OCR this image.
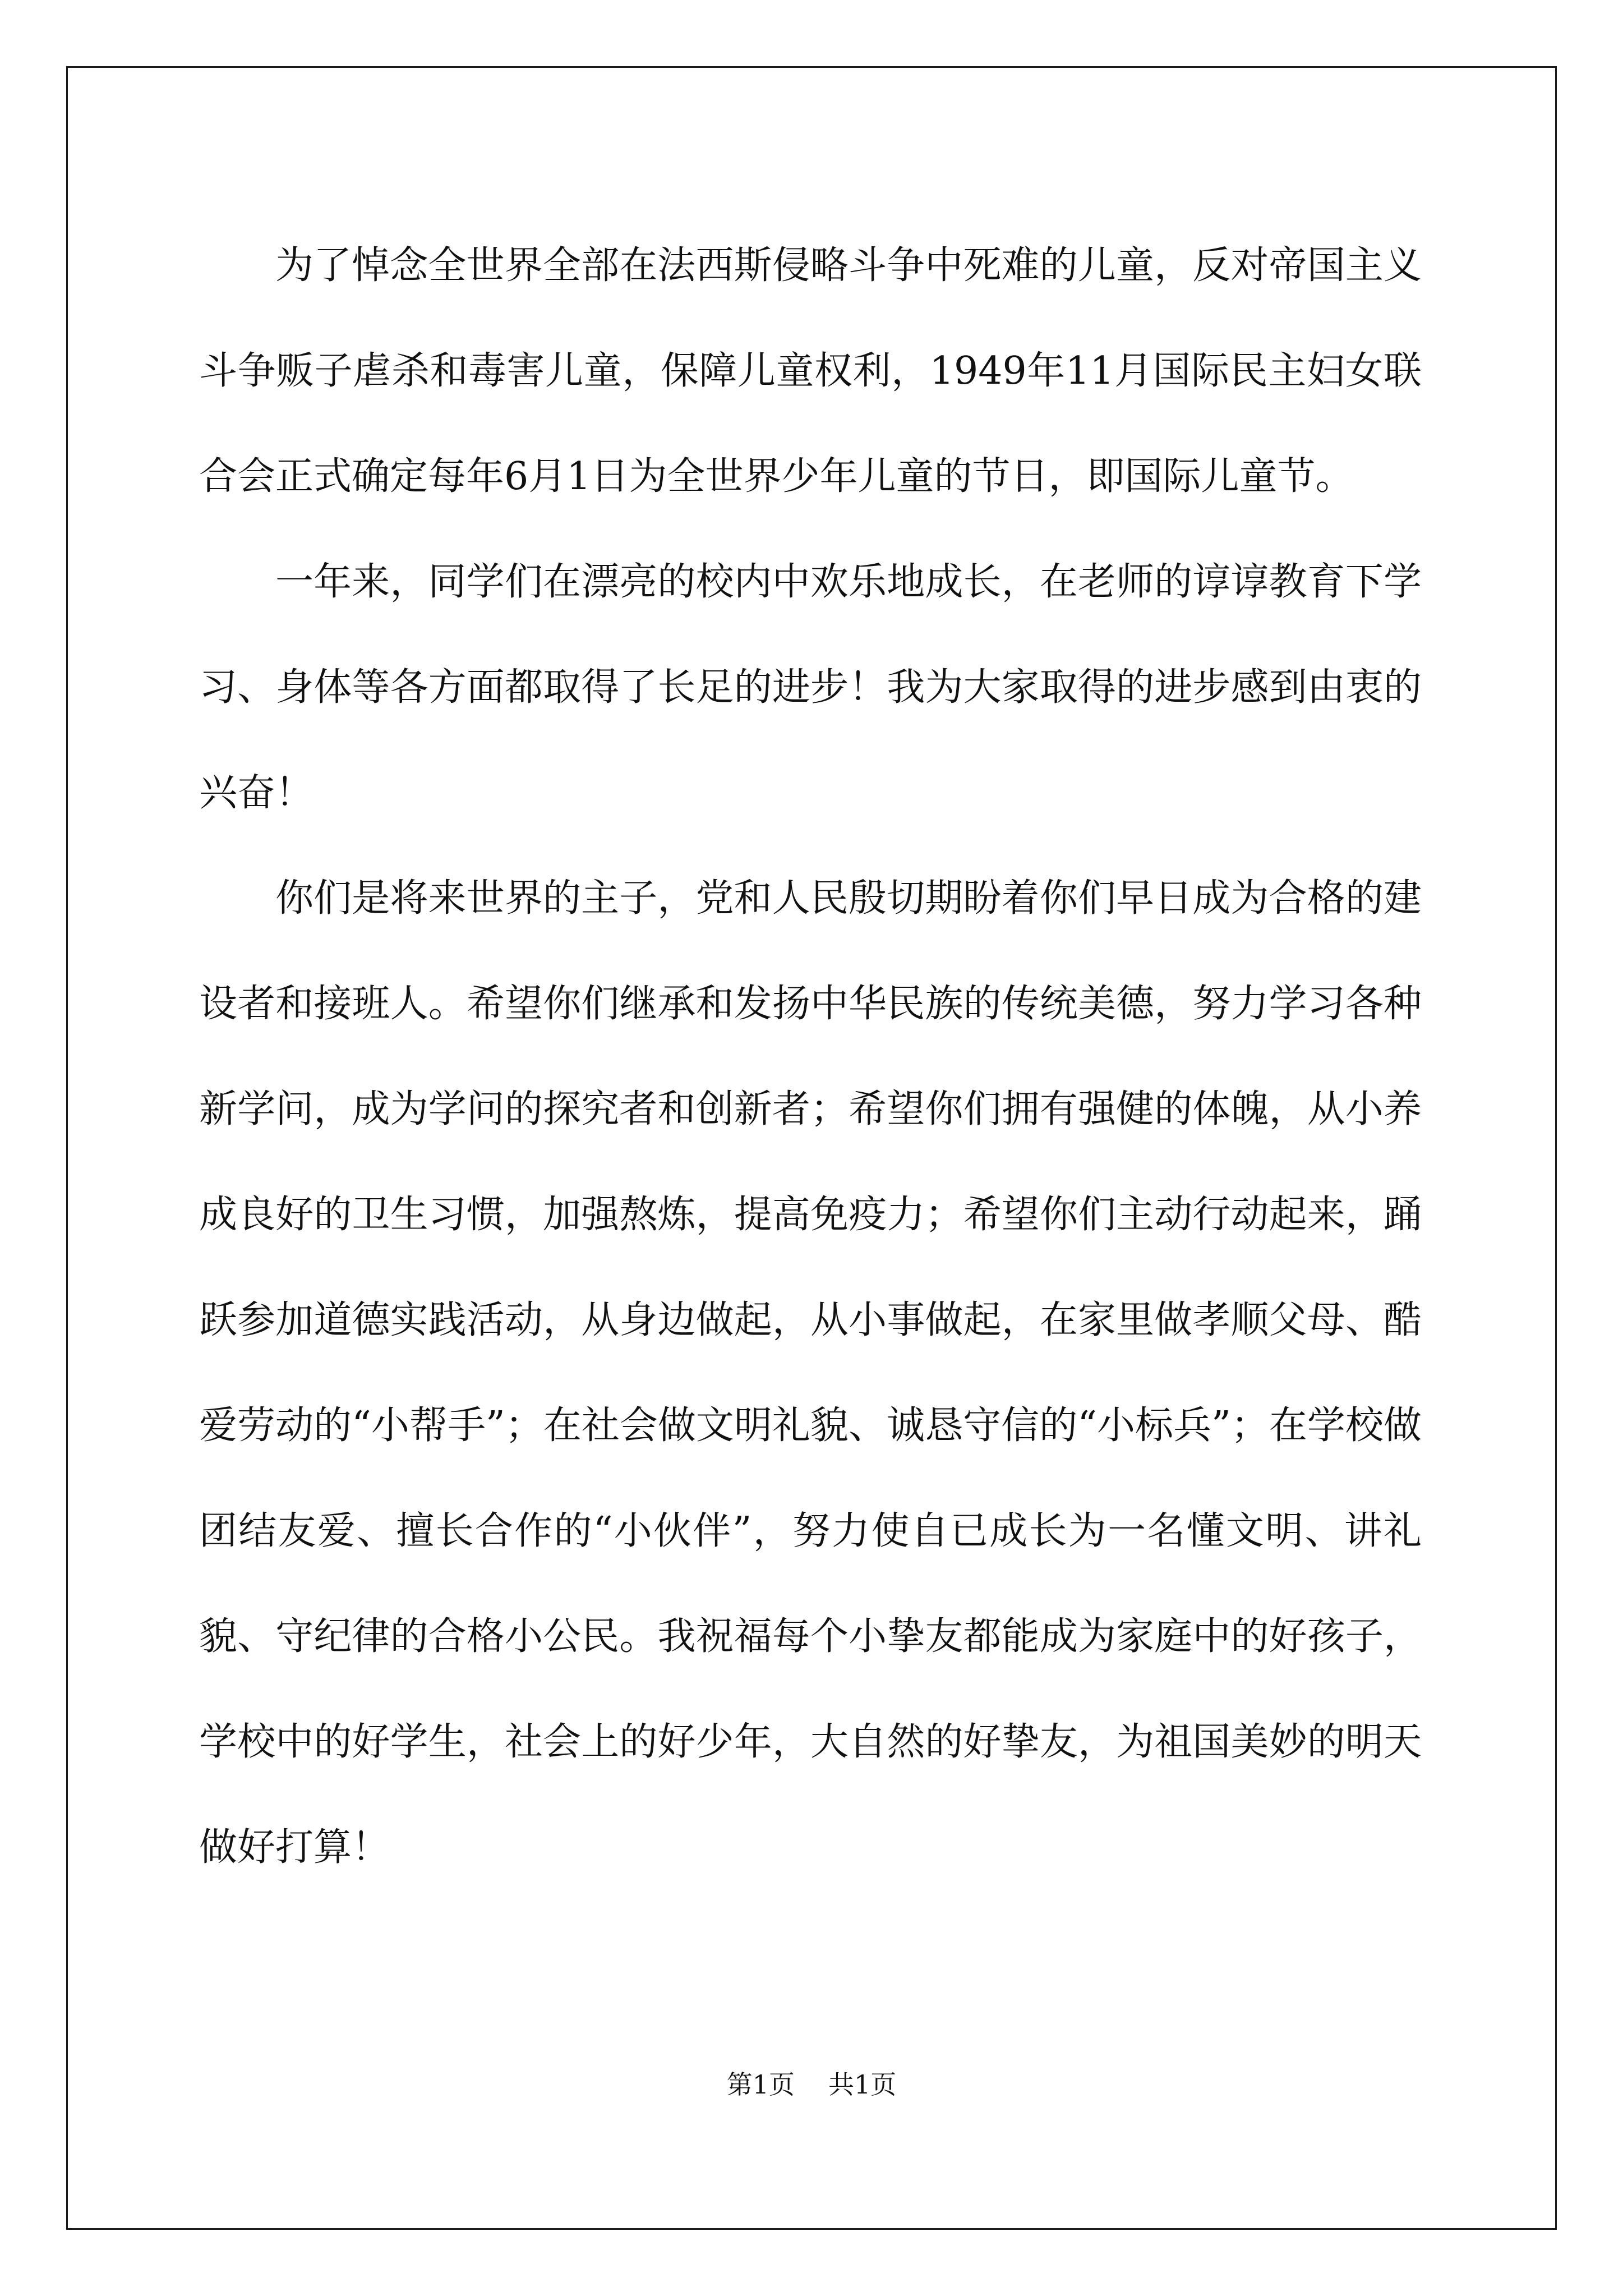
为了悼念全世界全部在法西斯侵略斗争中死难的儿童，反对帝国主义斗争贩子虐杀和毒害儿童，保障儿童权利，1949年11月国际民主妇女联合会正式确定每年6月1日为全世界少年儿童的节日，即国际儿童节。

一年来，同学们在漂亮的校内中欢乐地成长，在老师的谆谆教育下学习、身体等各方面都取得了长足的进步！我为大家取得的进步感到由衷的兴奋！

你们是将来世界的主子，党和人民殷切期盼着你们早日成为合格的建设者和接班人。希望你们继承和发扬中华民族的传统美德，努力学习各种新学问，成为学问的探究者和创新者；希望你们拥有强健的体魄，从小养成良好的卫生习惯，加强熬炼，提高免疫力；希望你们主动行动起来，踊跃参加道德实践活动，从身边做起，从小事做起，在家里做孝顺父母、酷爱劳动的“小帮手”；在社会做文明礼貌、诚恳守信的“小标兵”；在学校做团结友爱、擅长合作的“小伙伴”，努力使自已成长为一名懂文明、讲礼貌、守纪律的合格小公民。我祝福每个小挚友都能成为家庭中的好孩子，学校中的好学生，社会上的好少年，大自然的好挚友，为祖国美妙的明天做好打算！

第1页 共1页
